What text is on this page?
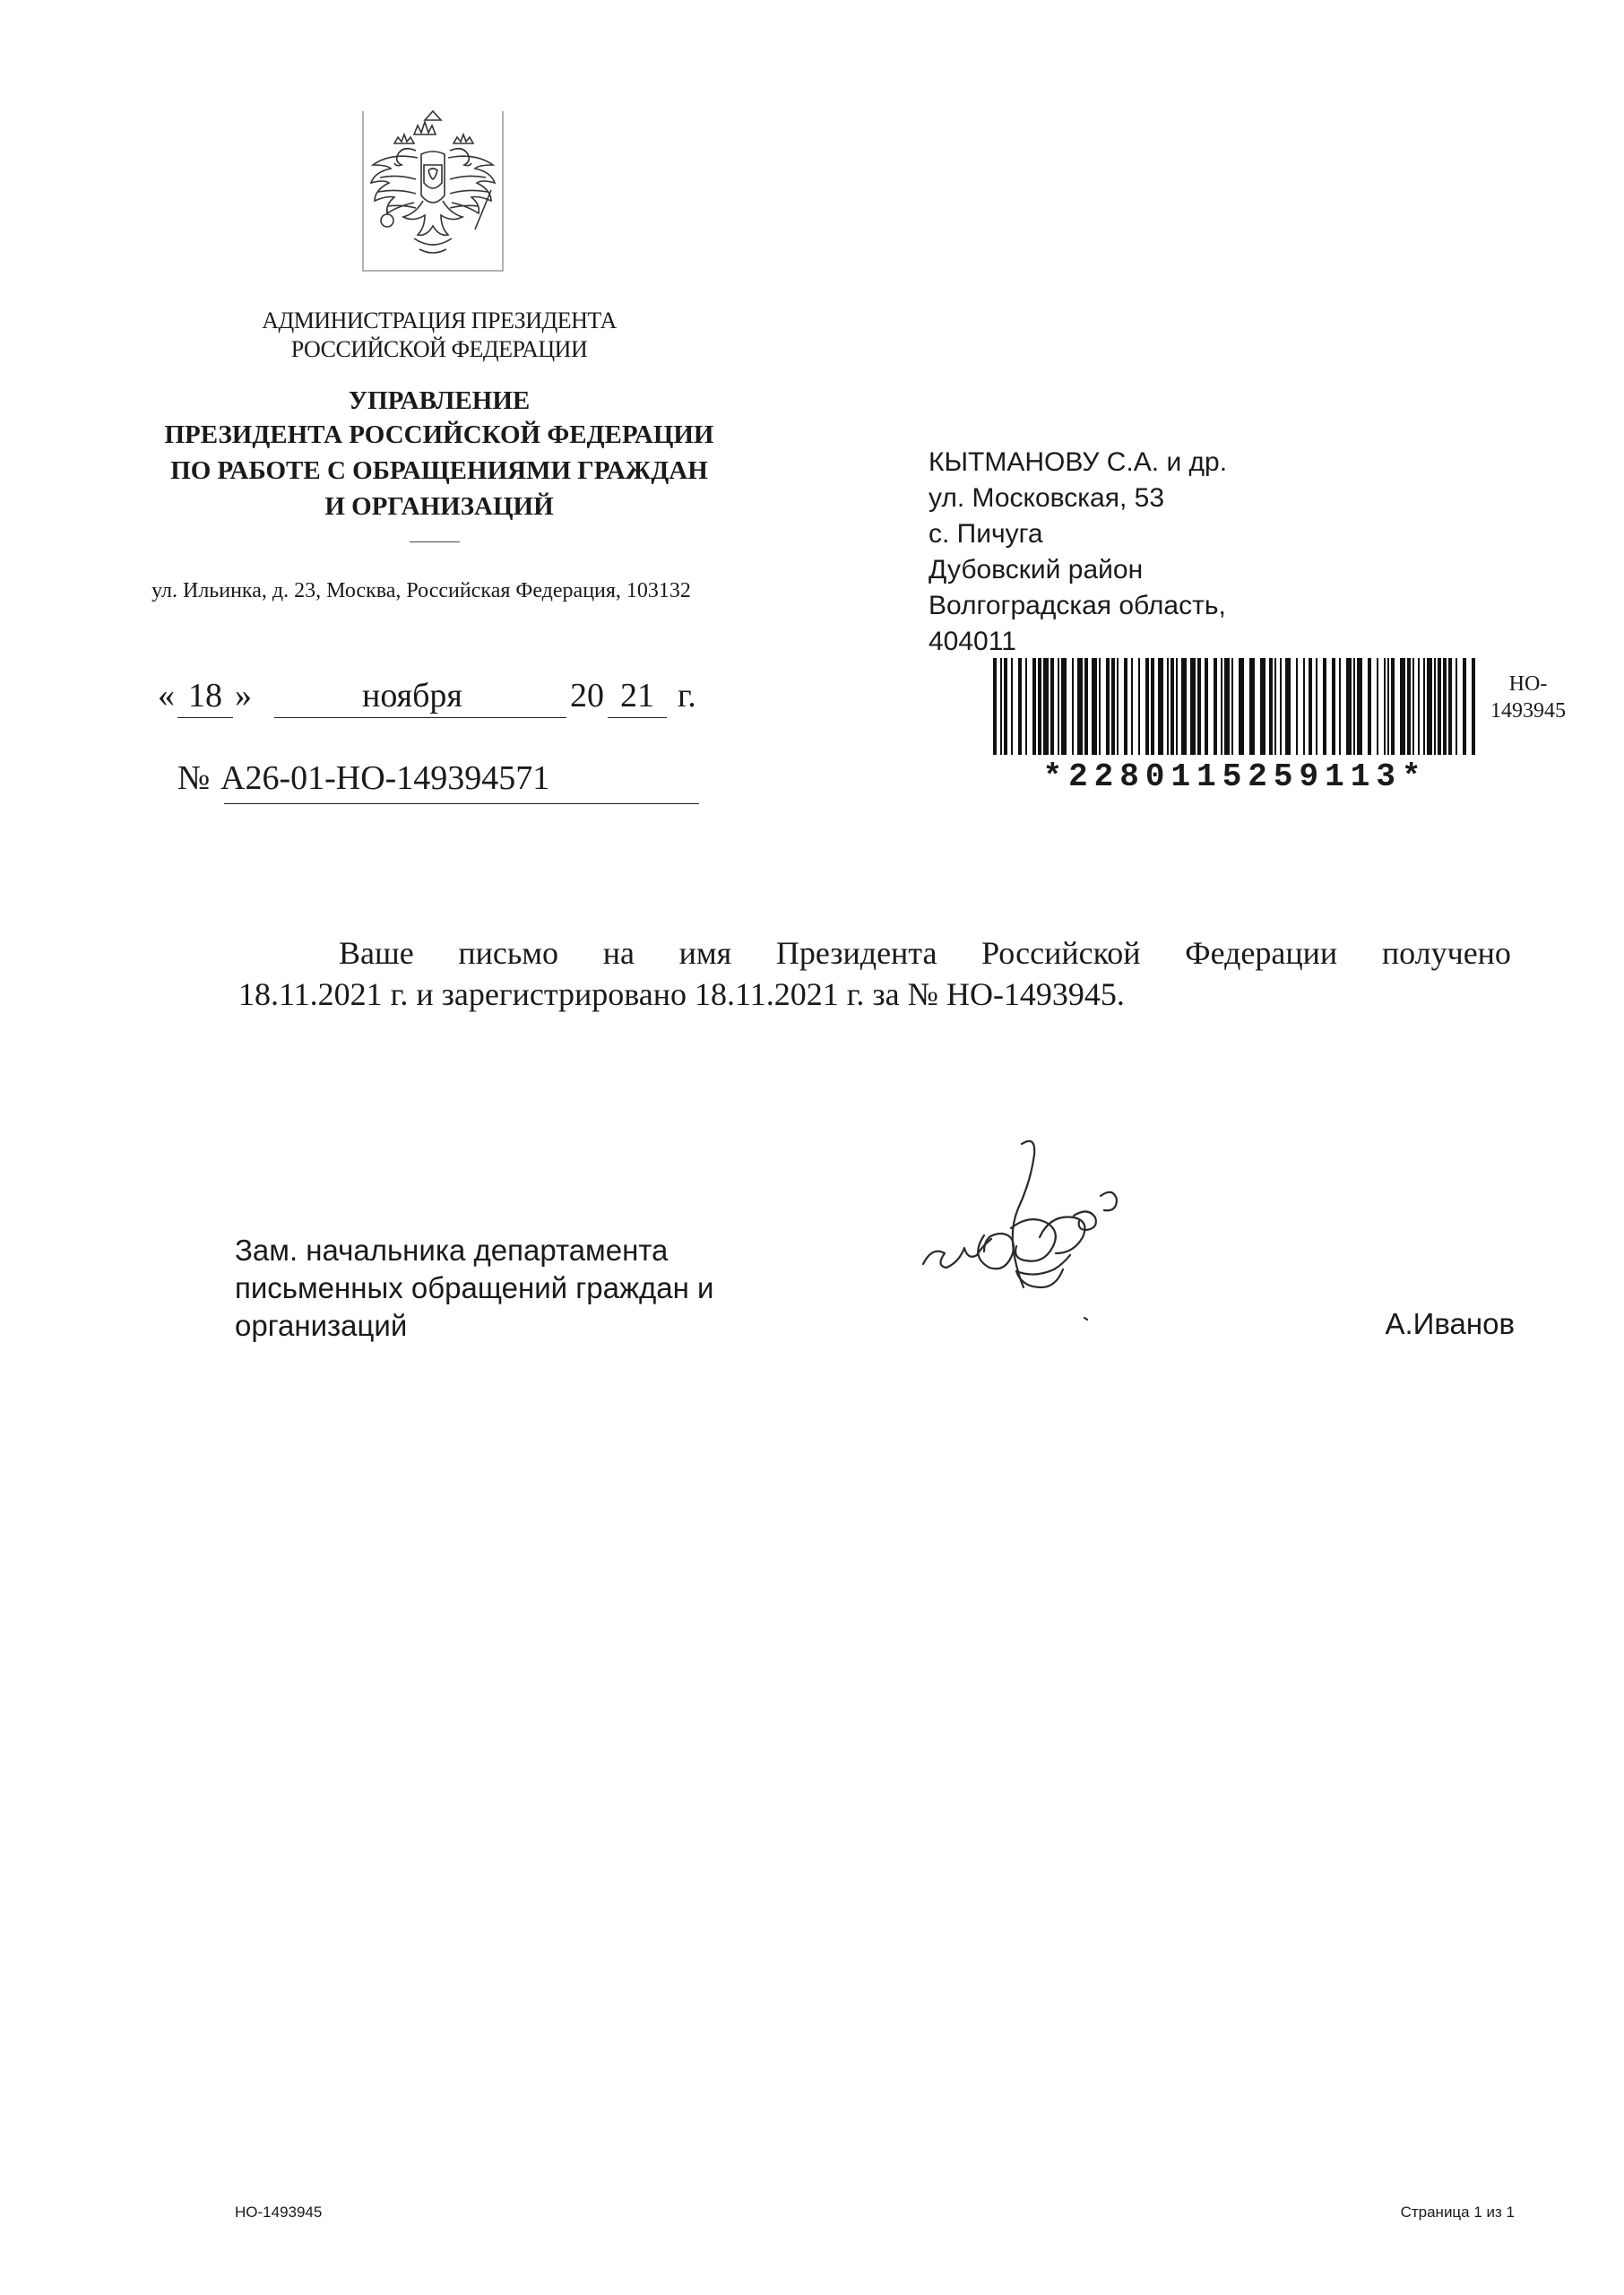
АДМИНИСТРАЦИЯ ПРЕЗИДЕНТА
РОССИЙСКОЙ ФЕДЕРАЦИИ
УПРАВЛЕНИЕ
ПРЕЗИДЕНТА РОССИЙСКОЙ ФЕДЕРАЦИИ
ПО РАБОТЕ С ОБРАЩЕНИЯМИ ГРАЖДАН
И ОРГАНИЗАЦИЙ
ул. Ильинка, д. 23, Москва, Российская Федерация, 103132
« 18 »	ноября	20 21 г.
№ А26-01-НО-149394571
КЫТМАНОВУ С.А. и др.
ул. Московская, 53
с. Пичуга
Дубовский район
Волгоградская область,
404011
*2280115259113*
НО-
1493945
Ваше письмо на имя Президента Российской Федерации получено
18.11.2021 г. и зарегистрировано 18.11.2021 г. за № НО-1493945.
Зам. начальника департамента
письменных обращений граждан и
организаций	А.Иванов
НО-1493945	Страница 1 из 1
